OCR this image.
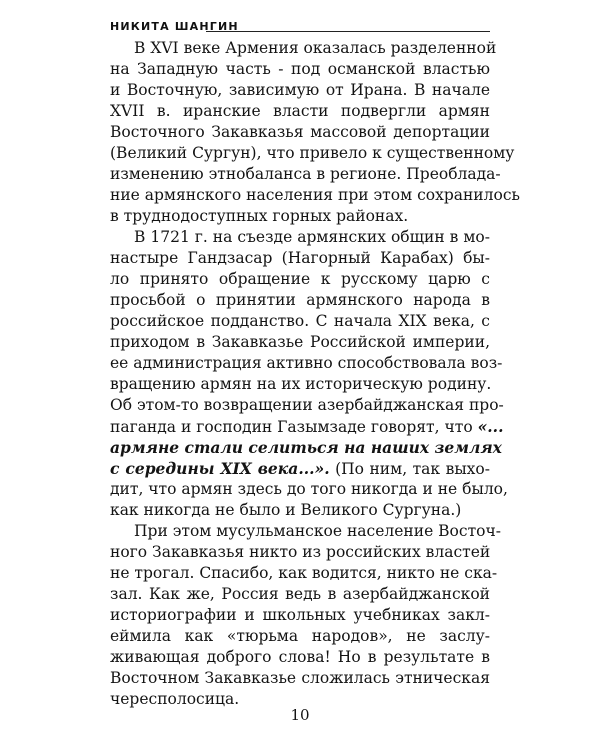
НИКИТА ШАНГИН
В XVI веке Армения оказалась разделенной
на Западную часть - под османской властью
и Восточную, зависимую от Ирана. В начале
XVII в. иранские власти подвергли армян
Восточного Закавказья массовой депортации
(Великий Сургун), что привело к существенному
изменению этнобаланса в регионе. Преоблада-
ние армянского населения при этом сохранилось
в труднодоступных горных районах.
В 1721 г. на съезде армянских общин в мо-
настыре Гандзасар (Нагорный Карабах) бы-
ло принято обращение к русскому царю с
просьбой о принятии армянского народа в
российское подданство. С начала XIX века, с
приходом в Закавказье Российской империи,
ее администрация активно способствовала воз-
вращению армян на их историческую родину.
Об этом-то возвращении азербайджанская про-
паганда и господин Газымзаде говорят, что «...
армяне стали селиться на наших землях
с середины XIX века...». (По ним, так выхо-
дит, что армян здесь до того никогда и не было,
как никогда не было и Великого Сургуна.)
При этом мусульманское население Восточ-
ного Закавказья никто из российских властей
не трогал. Спасибо, как водится, никто не ска-
зал. Как же, Россия ведь в азербайджанской
историографии и школьных учебниках закл-
еймила как «тюрьма народов», не заслу-
живающая доброго слова! Но в результате в
Восточном Закавказье сложилась этническая
чересполосица.
10
